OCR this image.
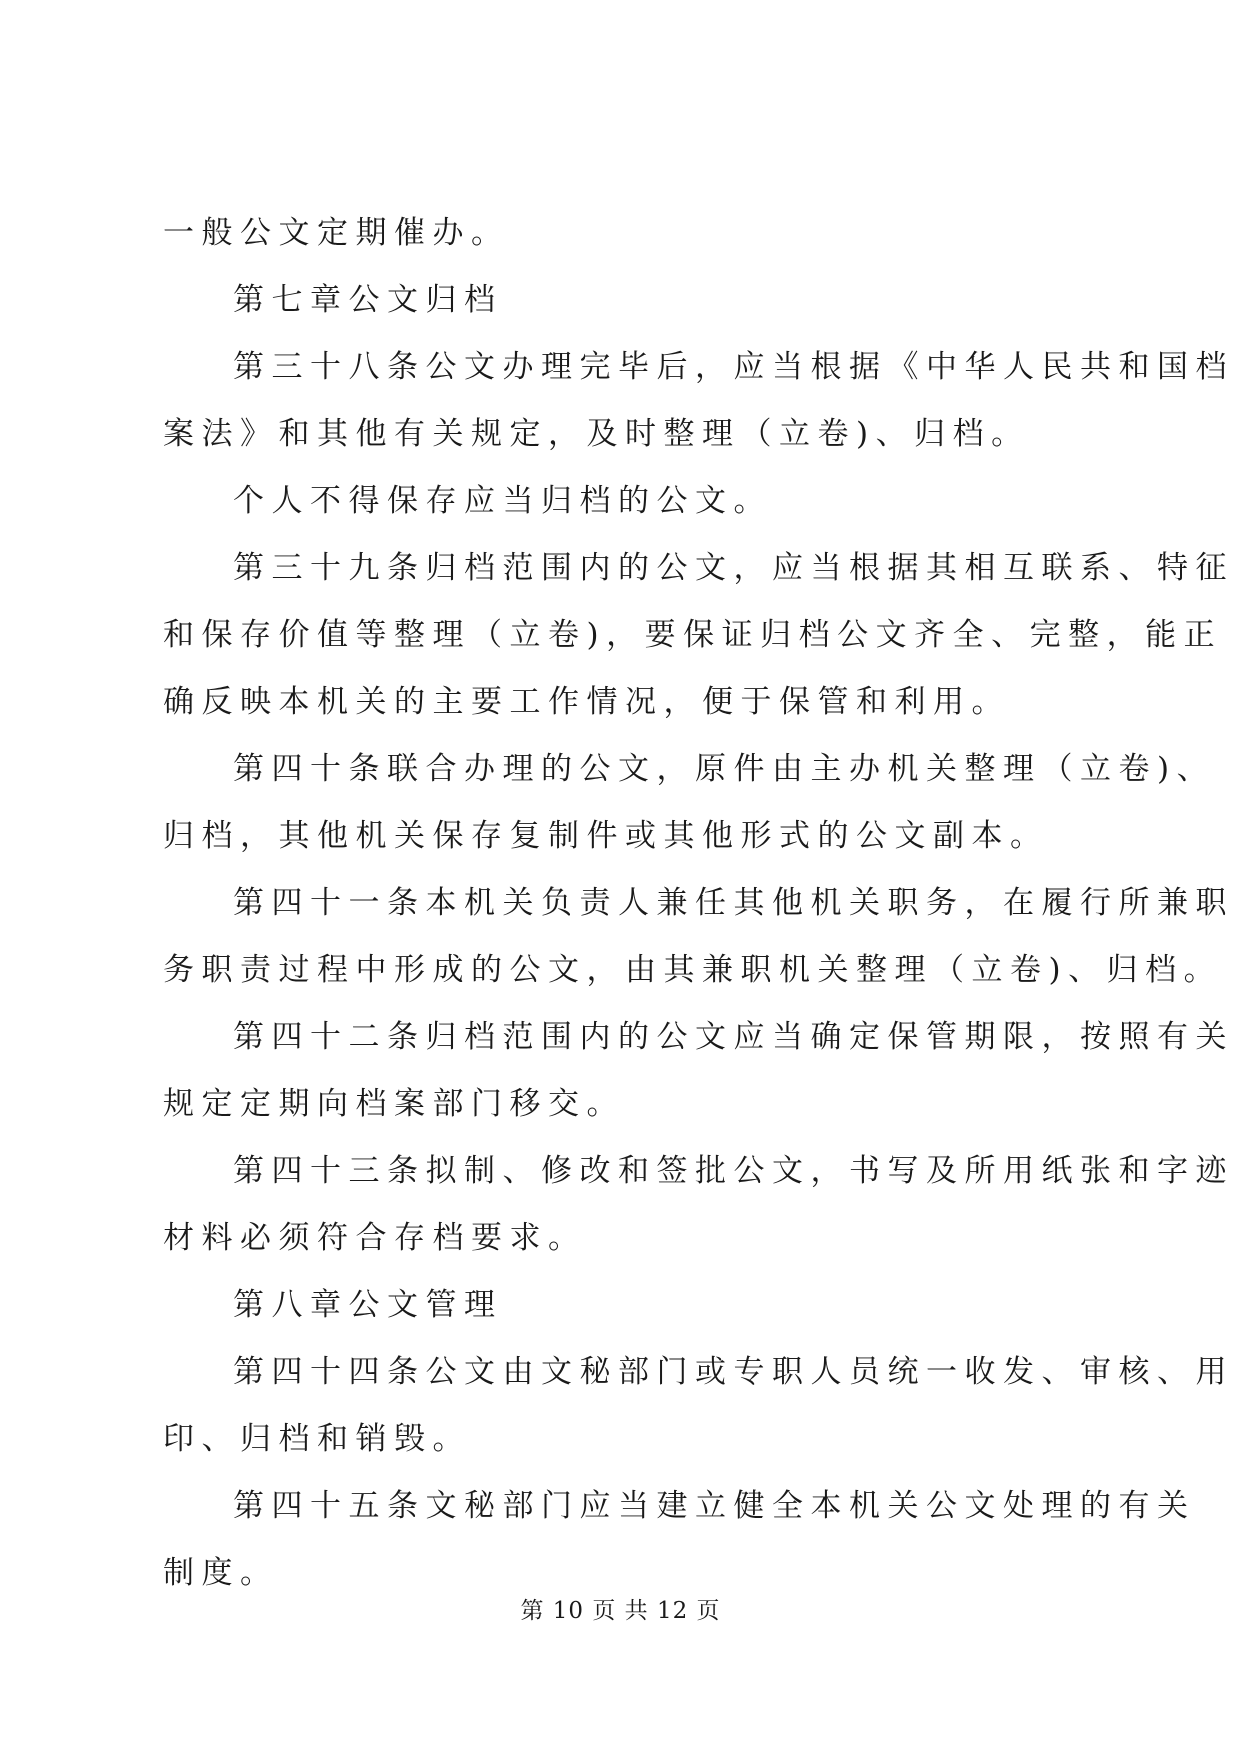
一般公文定期催办。
第七章公文归档
第三十八条公文办理完毕后，应当根据《中华人民共和国档
案法》和其他有关规定，及时整理（立卷)、归档。
个人不得保存应当归档的公文。
第三十九条归档范围内的公文，应当根据其相互联系、特征
和保存价值等整理（立卷)，要保证归档公文齐全、完整，能正
确反映本机关的主要工作情况，便于保管和利用。
第四十条联合办理的公文，原件由主办机关整理（立卷)、
归档，其他机关保存复制件或其他形式的公文副本。
第四十一条本机关负责人兼任其他机关职务，在履行所兼职
务职责过程中形成的公文，由其兼职机关整理（立卷)、归档。
第四十二条归档范围内的公文应当确定保管期限，按照有关
规定定期向档案部门移交。
第四十三条拟制、修改和签批公文，书写及所用纸张和字迹
材料必须符合存档要求。
第八章公文管理
第四十四条公文由文秘部门或专职人员统一收发、审核、用
印、归档和销毁。
第四十五条文秘部门应当建立健全本机关公文处理的有关
制度。
第 10 页 共 12 页
